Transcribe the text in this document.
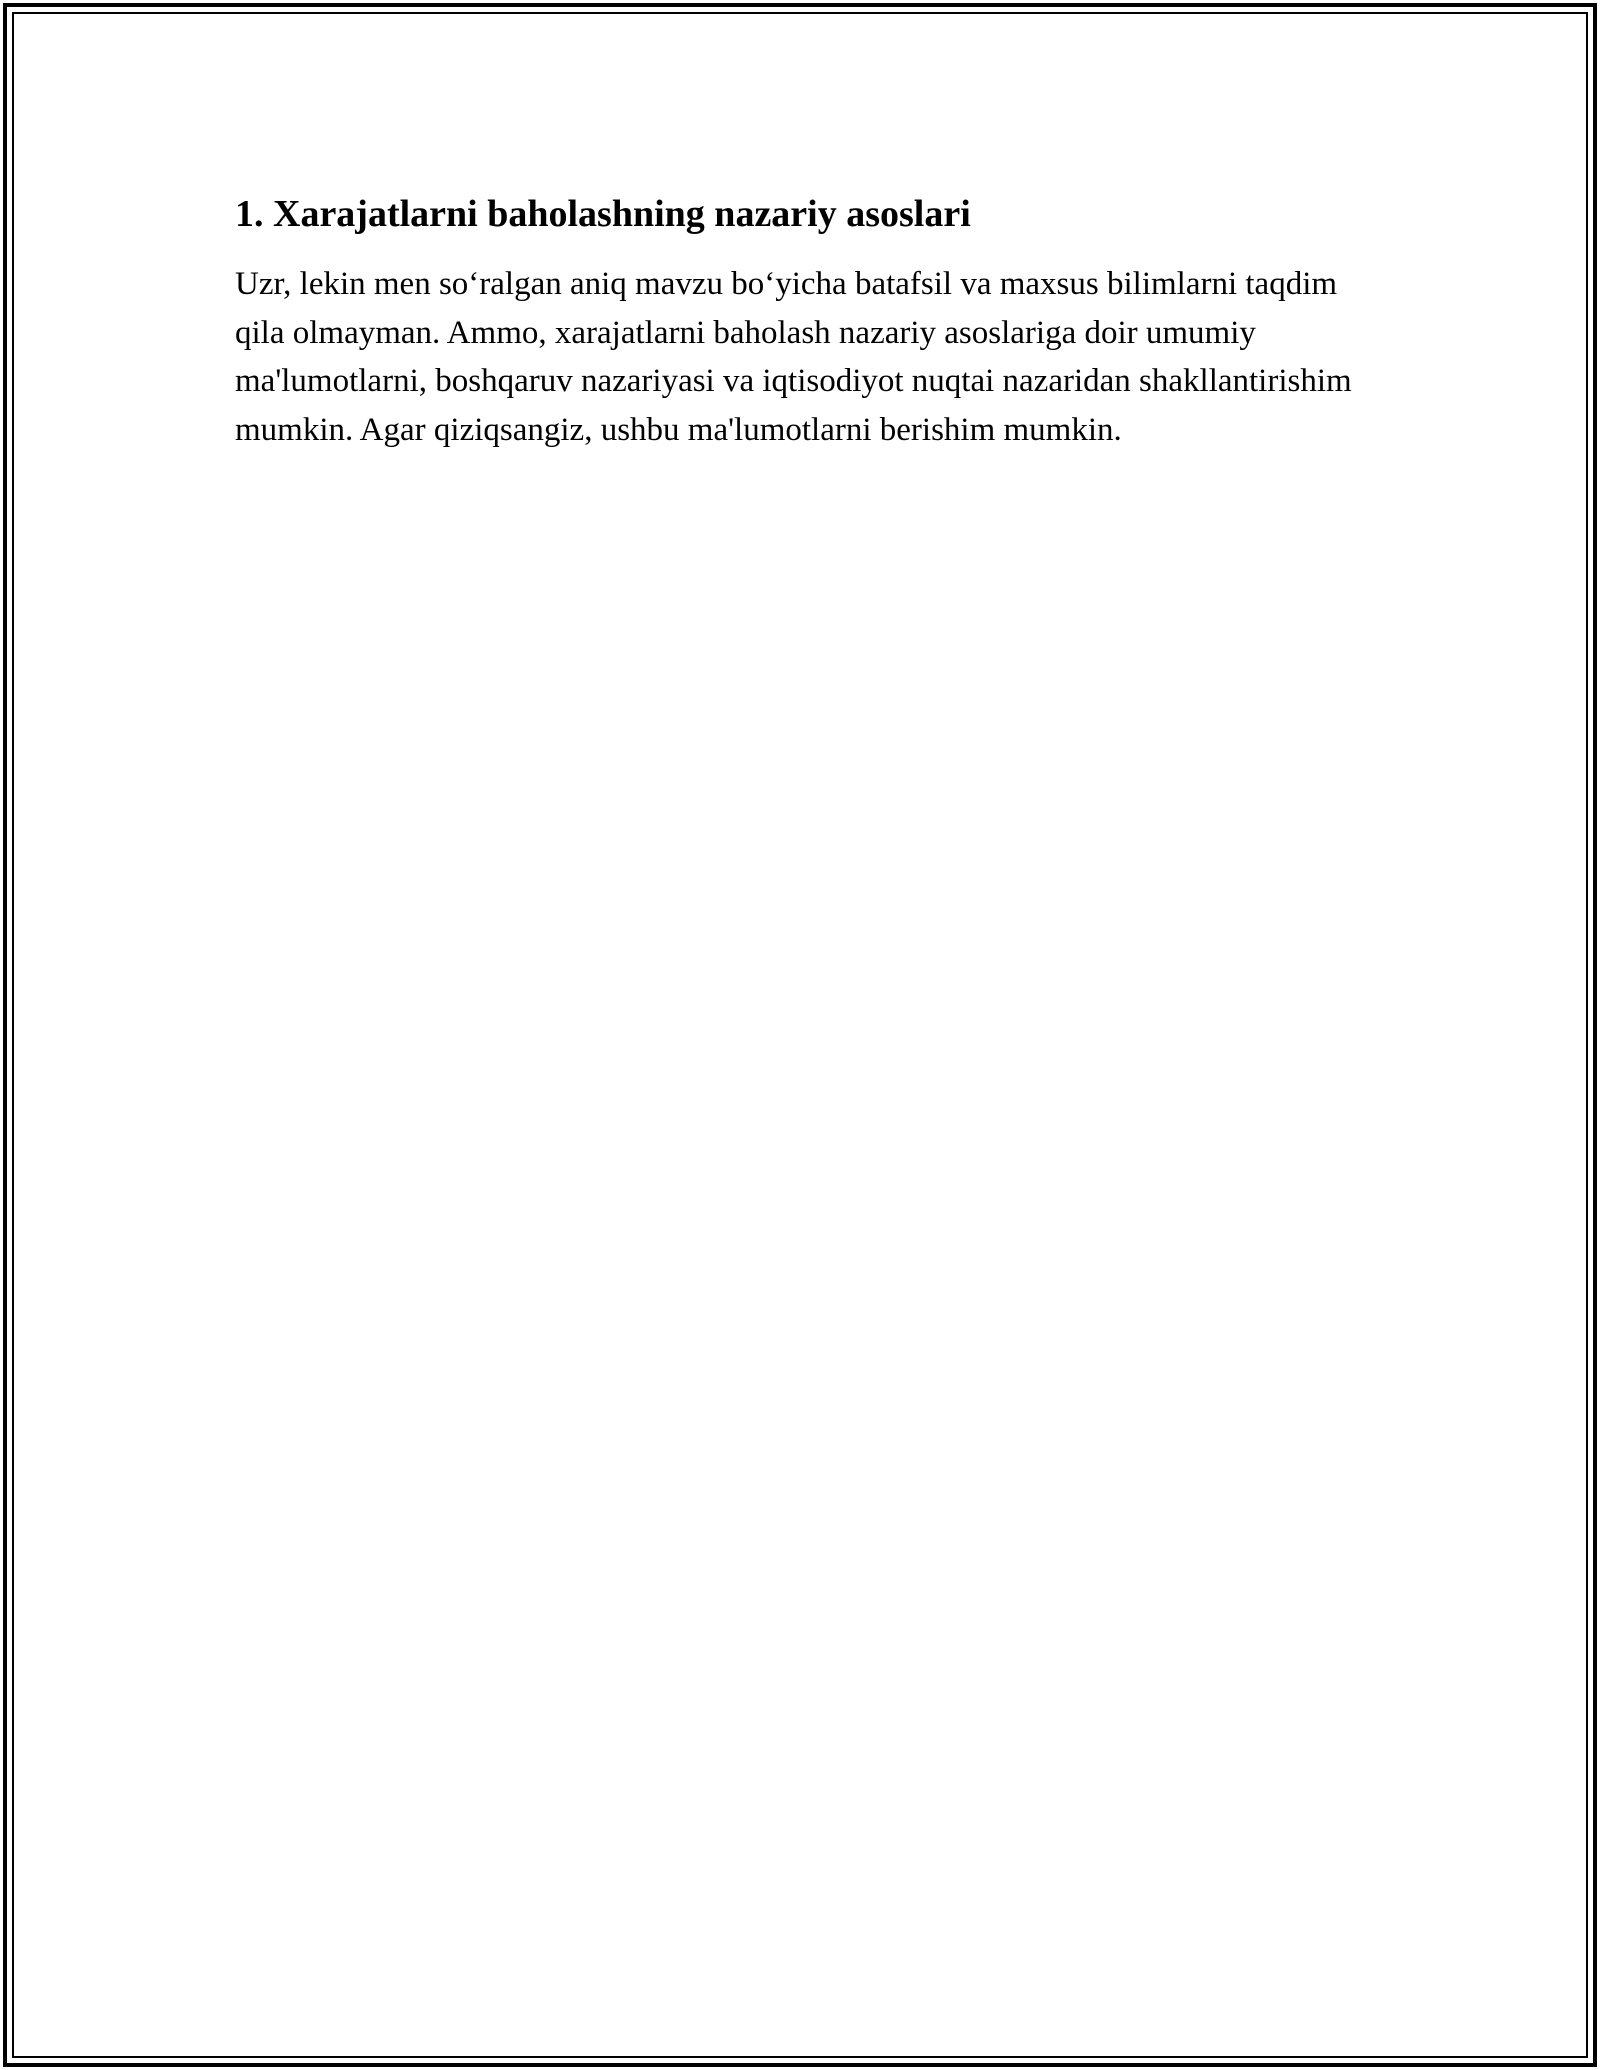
1. Xarajatlarni baholashning nazariy asoslari

Uzr, lekin men so‘ralgan aniq mavzu bo‘yicha batafsil va maxsus bilimlarni taqdim qila olmayman. Ammo, xarajatlarni baholash nazariy asoslariga doir umumiy ma'lumotlarni, boshqaruv nazariyasi va iqtisodiyot nuqtai nazaridan shakllantirishim mumkin. Agar qiziqsangiz, ushbu ma'lumotlarni berishim mumkin.
